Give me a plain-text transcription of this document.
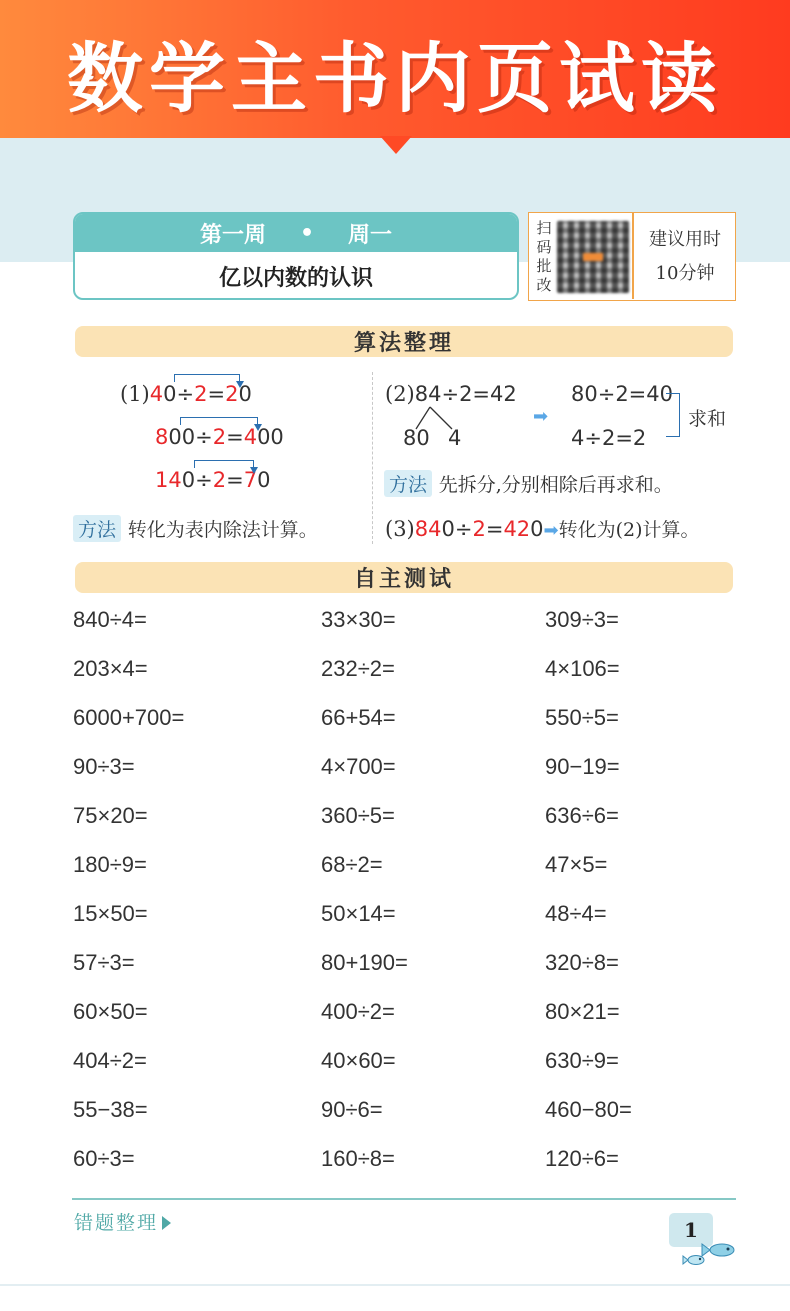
数学主书内页试读
第一周 • 周一
亿以内数的认识
扫
码
批
改
建议用时
10分钟
算法整理
(1)40÷2=20
800÷2=400
140÷2=70
方法 转化为表内除法计算。
(2)84÷2=42
80 4
➡
80÷2=40
4÷2=2
求和
方法 先拆分,分别相除后再求和。
(3)840÷2=420➡转化为(2)计算。
自主测试
840÷4=	33×30=	309÷3=
203×4=	232÷2=	4×106=
6000+700=	66+54=	550÷5=
90÷3=	4×700=	90−19=
75×20=	360÷5=	636÷6=
180÷9=	68÷2=	47×5=
15×50=	50×14=	48÷4=
57÷3=	80+190=	320÷8=
60×50=	400÷2=	80×21=
404÷2=	40×60=	630÷9=
55−38=	90÷6=	460−80=
60÷3=	160÷8=	120÷6=
错题整理	1
